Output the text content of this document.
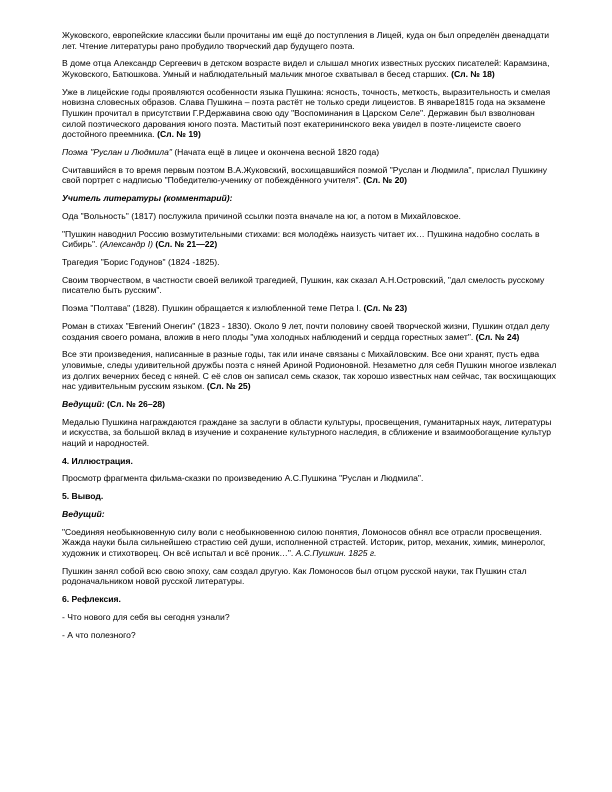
Жуковского, европейские классики были прочитаны им ещё до поступления в Лицей, куда он был определён двенадцати лет. Чтение литературы рано пробудило творческий дар будущего поэта.

В доме отца Александр Сергеевич в детском возрасте видел и слышал многих известных русских писателей: Карамзина, Жуковского, Батюшкова. Умный и наблюдательный мальчик многое схватывал в бесед старших. (Сл. № 18)

Уже в лицейские годы проявляются особенности языка Пушкина: ясность, точность, меткость, выразительность и смелая новизна словесных образов. Слава Пушкина – поэта растёт не только среди лицеистов. В январе1815 года на экзамене Пушкин прочитал в присутствии Г.Р.Державина свою оду "Воспоминания в Царском Селе". Державин был взволнован силой поэтического дарования юного поэта. Маститый поэт екатерининского века увидел в поэте-лицеисте своего достойного преемника. (Сл. № 19)

Поэма "Руслан и Людмила" (Начата ещё в лицее и окончена весной 1820 года)

Считавшийся в то время первым поэтом В.А.Жуковский, восхищавшийся поэмой "Руслан и Людмила", прислал Пушкину свой портрет с надписью "Победителю-ученику от побеждённого учителя". (Сл. № 20)

Учитель литературы (комментарий):

Ода "Вольность" (1817) послужила причиной ссылки поэта вначале на юг, а потом в Михайловское.

"Пушкин наводнил Россию возмутительными стихами: вся молодёжь наизусть читает их… Пушкина надобно сослать в Сибирь". (Александр I) (Сл. № 21—22)

Трагедия "Борис Годунов" (1824 -1825).

Своим творчеством, в частности своей великой трагедией, Пушкин, как сказал А.Н.Островский, "дал смелость русскому писателю быть русским".

Поэма "Полтава" (1828). Пушкин обращается к излюбленной теме Петра I. (Сл. № 23)

Роман в стихах "Евгений Онегин" (1823 - 1830). Около 9 лет, почти половину своей творческой жизни, Пушкин отдал делу создания своего романа, вложив в него плоды "ума холодных наблюдений и сердца горестных замет". (Сл. № 24)

Все эти произведения, написанные в разные годы, так или иначе связаны с Михайловским. Все они хранят, пусть едва уловимые, следы удивительной дружбы поэта с няней Ариной Родионовной. Незаметно для себя Пушкин многое извлекал из долгих вечерних бесед с няней. С её слов он записал семь сказок, так хорошо известных нам сейчас, так восхищающих нас удивительным русским языком. (Сл. № 25)

Ведущий: (Сл. № 26–28)

Медалью Пушкина награждаются граждане за заслуги в области культуры, просвещения, гуманитарных наук, литературы и искусства, за большой вклад в изучение и сохранение культурного наследия, в сближение и взаимообогащение культур наций и народностей.

4. Иллюстрация.

Просмотр фрагмента фильма-сказки по произведению А.С.Пушкина "Руслан и Людмила".

5. Вывод.

Ведущий:

"Соединяя необыкновенную силу воли с необыкновенною силою понятия, Ломоносов обнял все отрасли просвещения. Жажда науки была сильнейшею страстию сей души, исполненной страстей. Историк, ритор, механик, химик, минеролог, художник и стихотворец. Он всё испытал и всё проник…". А.С.Пушкин. 1825 г.

Пушкин занял собой всю свою эпоху, сам создал другую. Как Ломоносов был отцом русской науки, так Пушкин стал родоначальником новой русской литературы.

6. Рефлексия.

- Что нового для себя вы сегодня узнали?

- А что полезного?
